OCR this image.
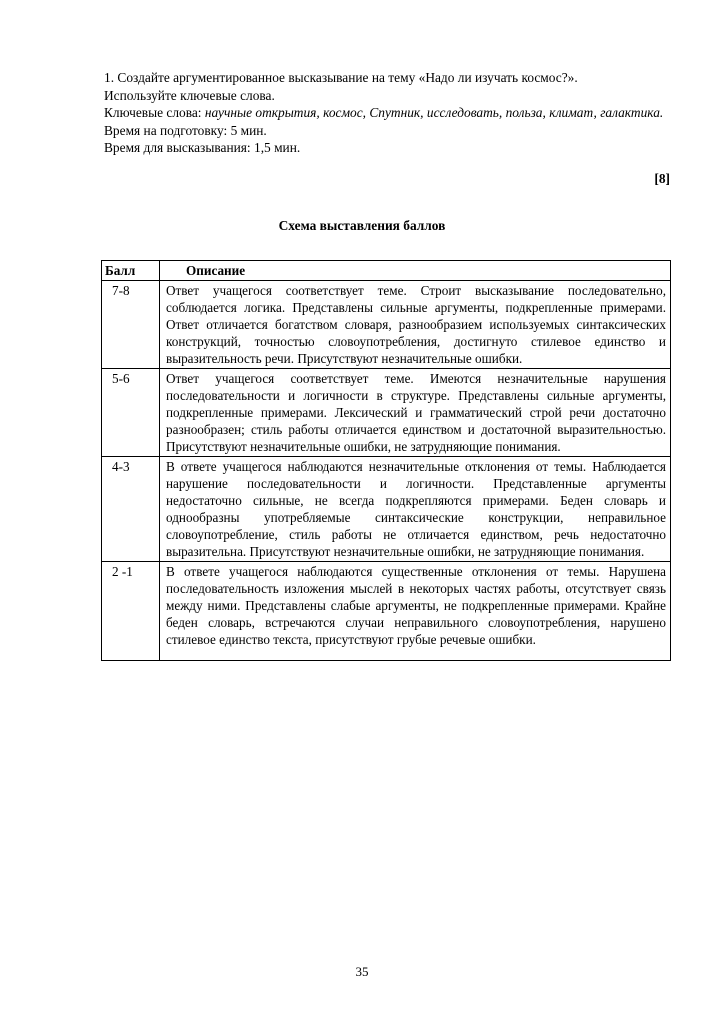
1. Создайте аргументированное высказывание на тему «Надо ли изучать космос?».

Используйте ключевые слова.

Ключевые слова: научные открытия, космос, Спутник, исследовать, польза, климат, галактика.

Время на подготовку: 5 мин.

Время для высказывания: 1,5 мин.

[8]
Схема выставления баллов
Балл	Описание
7-8	Ответ учащегося соответствует теме. Строит высказывание последовательно, соблюдается логика. Представлены сильные аргументы, подкрепленные примерами. Ответ отличается богатством словаря, разнообразием используемых синтаксических конструкций, точностью словоупотребления, достигнуто стилевое единство и выразительность речи. Присутствуют незначительные ошибки.
5-6	Ответ учащегося соответствует теме. Имеются незначительные нарушения последовательности и логичности в структуре. Представлены сильные аргументы, подкрепленные примерами. Лексический и грамматический строй речи достаточно разнообразен; стиль работы отличается единством и достаточной выразительностью. Присутствуют незначительные ошибки, не затрудняющие понимания.
4-3	В ответе учащегося наблюдаются незначительные отклонения от темы. Наблюдается нарушение последовательности и логичности. Представленные аргументы недостаточно сильные, не всегда подкрепляются примерами. Беден словарь и однообразны употребляемые синтаксические конструкции, неправильное словоупотребление, стиль работы не отличается единством, речь недостаточно выразительна. Присутствуют незначительные ошибки, не затрудняющие понимания.
2 -1	В ответе учащегося наблюдаются существенные отклонения от темы. Нарушена последовательность изложения мыслей в некоторых частях работы, отсутствует связь между ними. Представлены слабые аргументы, не подкрепленные примерами. Крайне беден словарь, встречаются случаи неправильного словоупотребления, нарушено стилевое единство текста, присутствуют грубые речевые ошибки.
35
